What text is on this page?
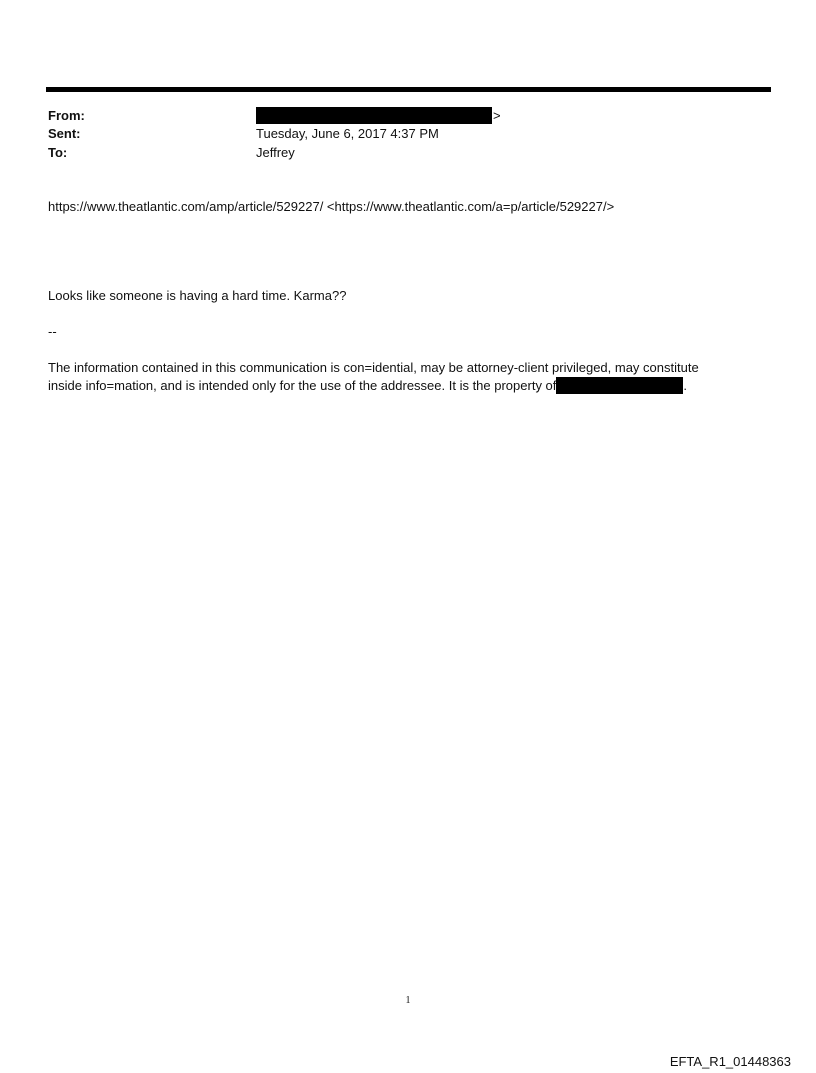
From:	>
Sent:	Tuesday, June 6, 2017 4:37 PM
To:	Jeffrey
https://www.theatlantic.com/amp/article/529227/ <https://www.theatlantic.com/a=p/article/529227/>
Looks like someone is having a hard time. Karma??
--
The information contained in this communication is con=idential, may be attorney-client privileged, may constitute
inside info=mation, and is intended only for the use of the addressee. It is the property of	.
1
EFTA_R1_01448363
